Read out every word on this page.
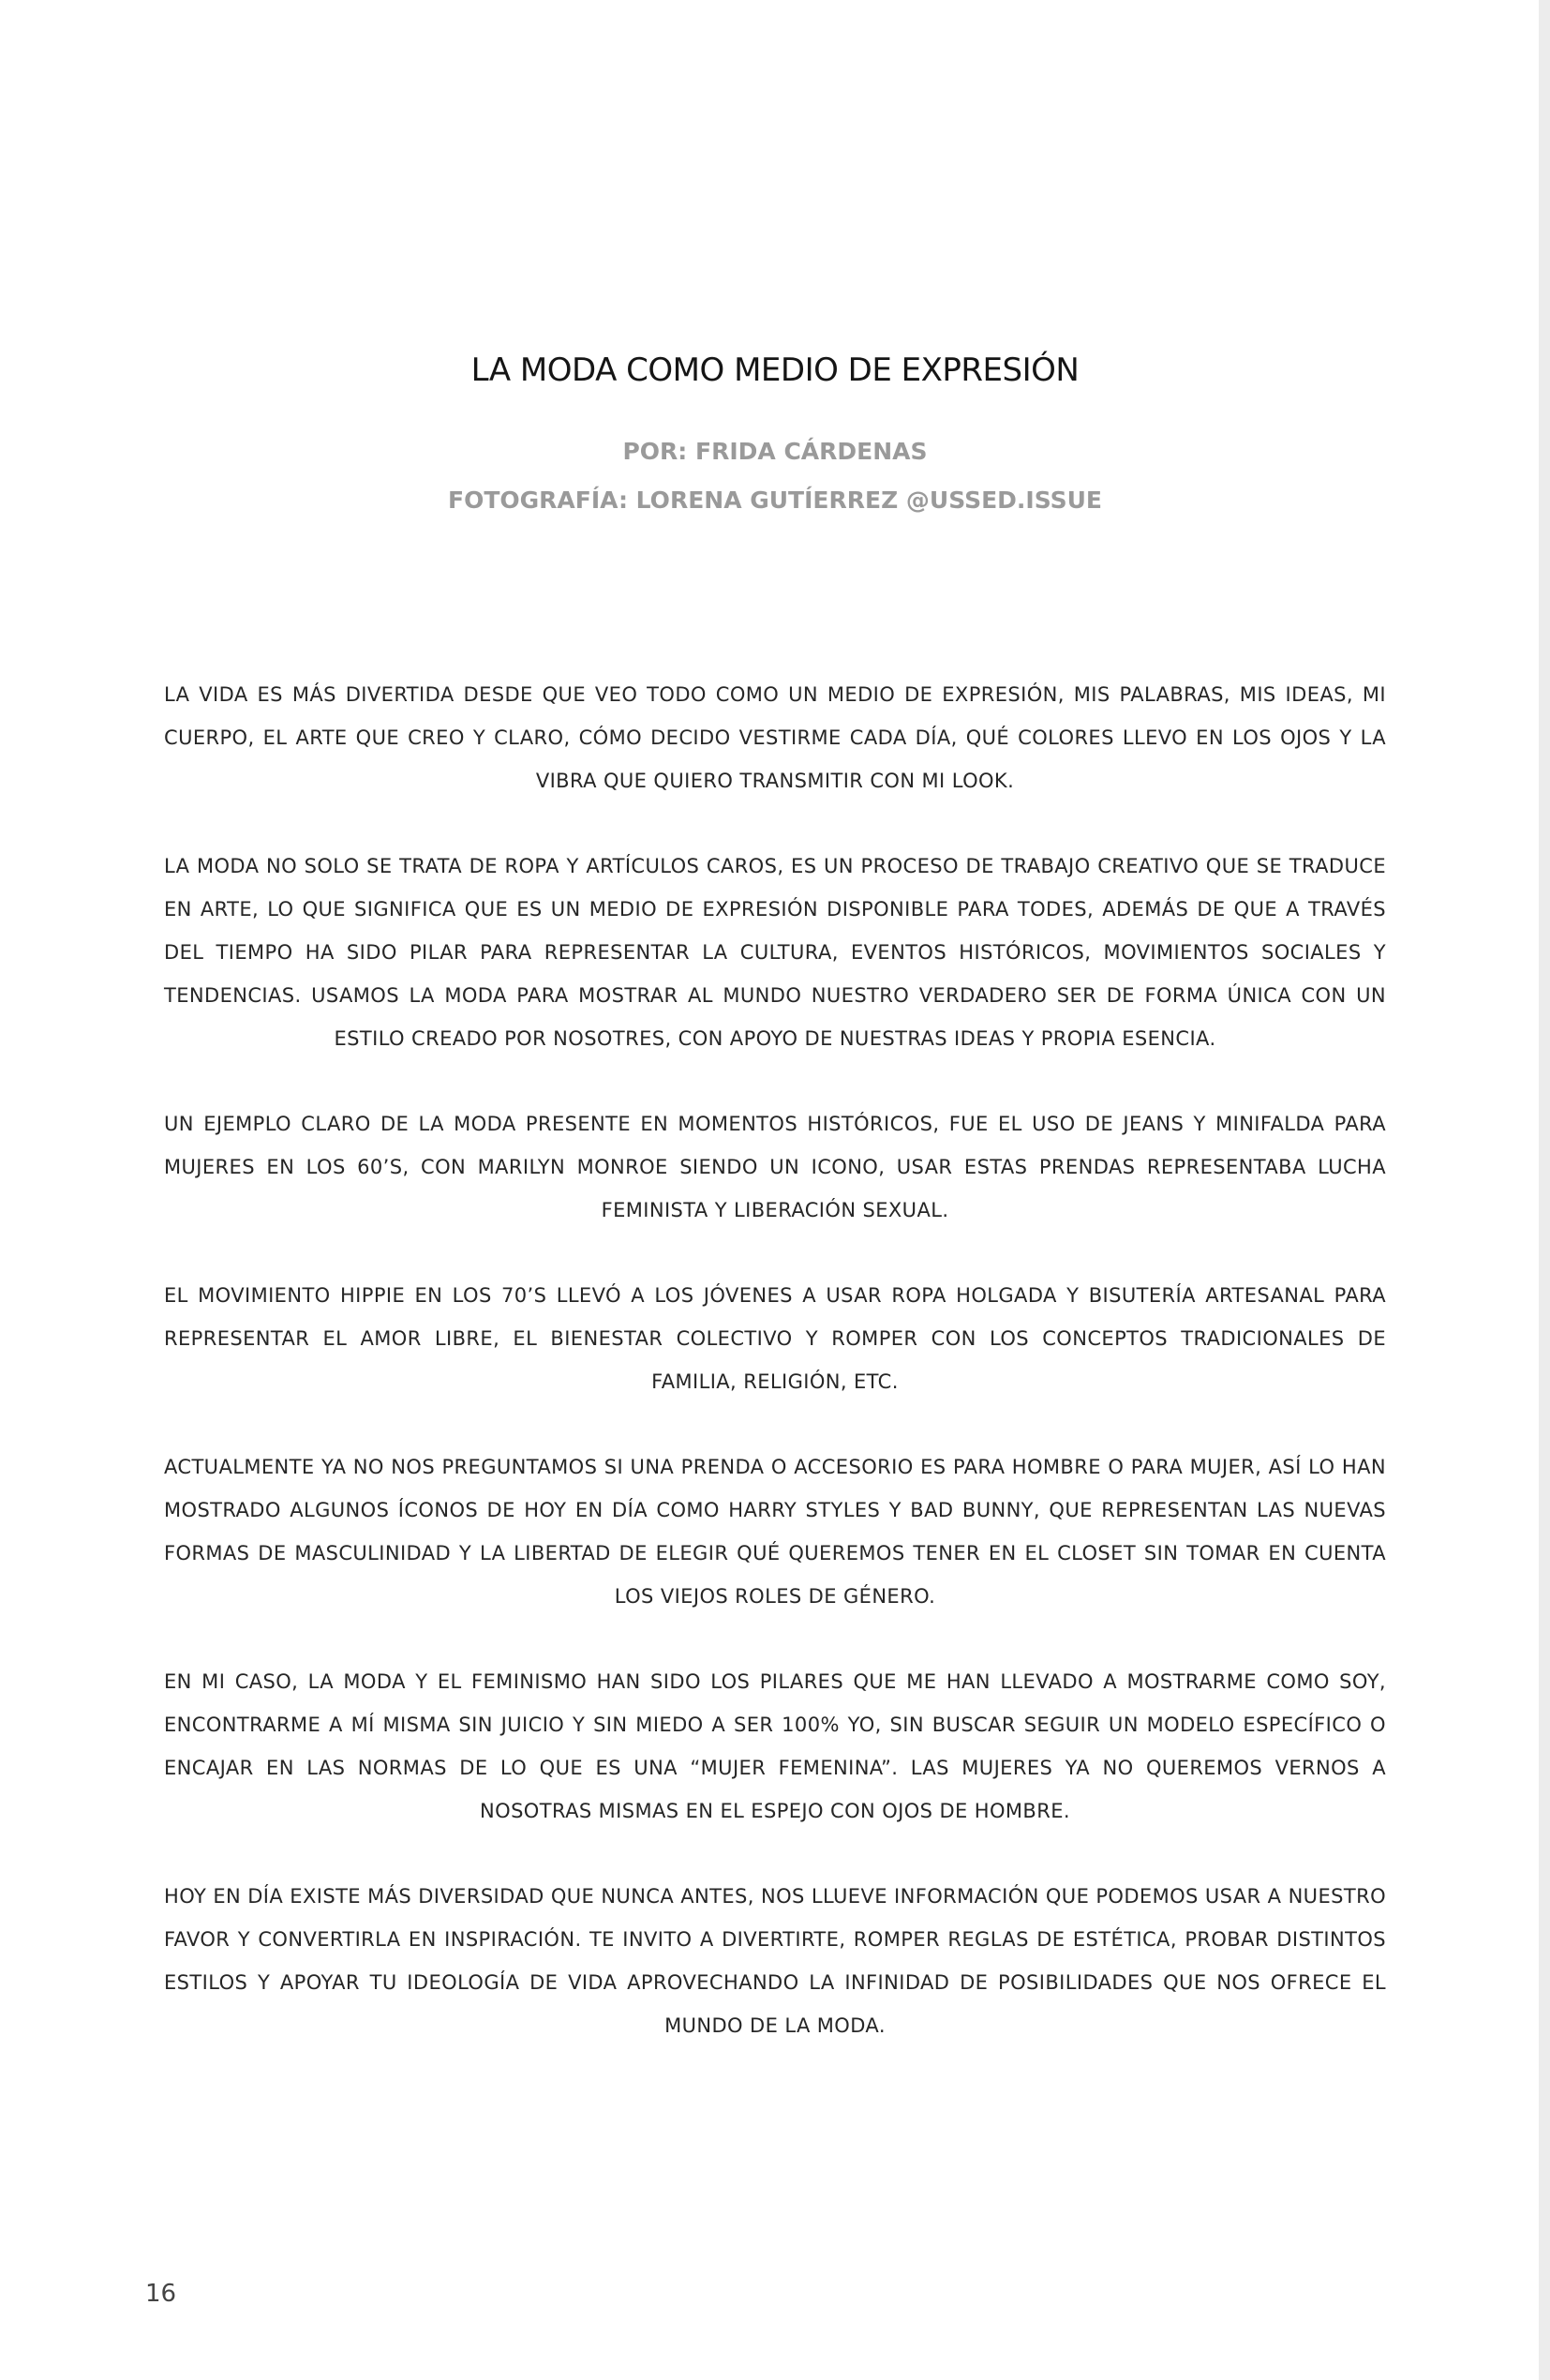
LA MODA COMO MEDIO DE EXPRESIÓN
POR: FRIDA CÁRDENAS
FOTOGRAFÍA: LORENA GUTÍERREZ @USSED.ISSUE

LA VIDA ES MÁS DIVERTIDA DESDE QUE VEO TODO COMO UN MEDIO DE EXPRESIÓN, MIS PALABRAS, MIS IDEAS, MI CUERPO, EL ARTE QUE CREO Y CLARO, CÓMO DECIDO VESTIRME CADA DÍA, QUÉ COLORES LLEVO EN LOS OJOS Y LA VIBRA QUE QUIERO TRANSMITIR CON MI LOOK.

LA MODA NO SOLO SE TRATA DE ROPA Y ARTÍCULOS CAROS, ES UN PROCESO DE TRABAJO CREATIVO QUE SE TRADUCE EN ARTE, LO QUE SIGNIFICA QUE ES UN MEDIO DE EXPRESIÓN DISPONIBLE PARA TODES, ADEMÁS DE QUE A TRAVÉS DEL TIEMPO HA SIDO PILAR PARA REPRESENTAR LA CULTURA, EVENTOS HISTÓRICOS, MOVIMIENTOS SOCIALES Y TENDENCIAS. USAMOS LA MODA PARA MOSTRAR AL MUNDO NUESTRO VERDADERO SER DE FORMA ÚNICA CON UN ESTILO CREADO POR NOSOTRES, CON APOYO DE NUESTRAS IDEAS Y PROPIA ESENCIA.

UN EJEMPLO CLARO DE LA MODA PRESENTE EN MOMENTOS HISTÓRICOS, FUE EL USO DE JEANS Y MINIFALDA PARA MUJERES EN LOS 60’S, CON MARILYN MONROE SIENDO UN ICONO, USAR ESTAS PRENDAS REPRESENTABA LUCHA FEMINISTA Y LIBERACIÓN SEXUAL.

EL MOVIMIENTO HIPPIE EN LOS 70’S LLEVÓ A LOS JÓVENES A USAR ROPA HOLGADA Y BISUTERÍA ARTESANAL PARA REPRESENTAR EL AMOR LIBRE, EL BIENESTAR COLECTIVO Y ROMPER CON LOS CONCEPTOS TRADICIONALES DE FAMILIA, RELIGIÓN, ETC.

ACTUALMENTE YA NO NOS PREGUNTAMOS SI UNA PRENDA O ACCESORIO ES PARA HOMBRE O PARA MUJER, ASÍ LO HAN MOSTRADO ALGUNOS ÍCONOS DE HOY EN DÍA COMO HARRY STYLES Y BAD BUNNY, QUE REPRESENTAN LAS NUEVAS FORMAS DE MASCULINIDAD Y LA LIBERTAD DE ELEGIR QUÉ QUEREMOS TENER EN EL CLOSET SIN TOMAR EN CUENTA LOS VIEJOS ROLES DE GÉNERO.

EN MI CASO, LA MODA Y EL FEMINISMO HAN SIDO LOS PILARES QUE ME HAN LLEVADO A MOSTRARME COMO SOY, ENCONTRARME A MÍ MISMA SIN JUICIO Y SIN MIEDO A SER 100% YO, SIN BUSCAR SEGUIR UN MODELO ESPECÍFICO O ENCAJAR EN LAS NORMAS DE LO QUE ES UNA “MUJER FEMENINA”. LAS MUJERES YA NO QUEREMOS VERNOS A NOSOTRAS MISMAS EN EL ESPEJO CON OJOS DE HOMBRE.

HOY EN DÍA EXISTE MÁS DIVERSIDAD QUE NUNCA ANTES, NOS LLUEVE INFORMACIÓN QUE PODEMOS USAR A NUESTRO FAVOR Y CONVERTIRLA EN INSPIRACIÓN. TE INVITO A DIVERTIRTE, ROMPER REGLAS DE ESTÉTICA, PROBAR DISTINTOS ESTILOS Y APOYAR TU IDEOLOGÍA DE VIDA APROVECHANDO LA INFINIDAD DE POSIBILIDADES QUE NOS OFRECE EL MUNDO DE LA MODA.

16
